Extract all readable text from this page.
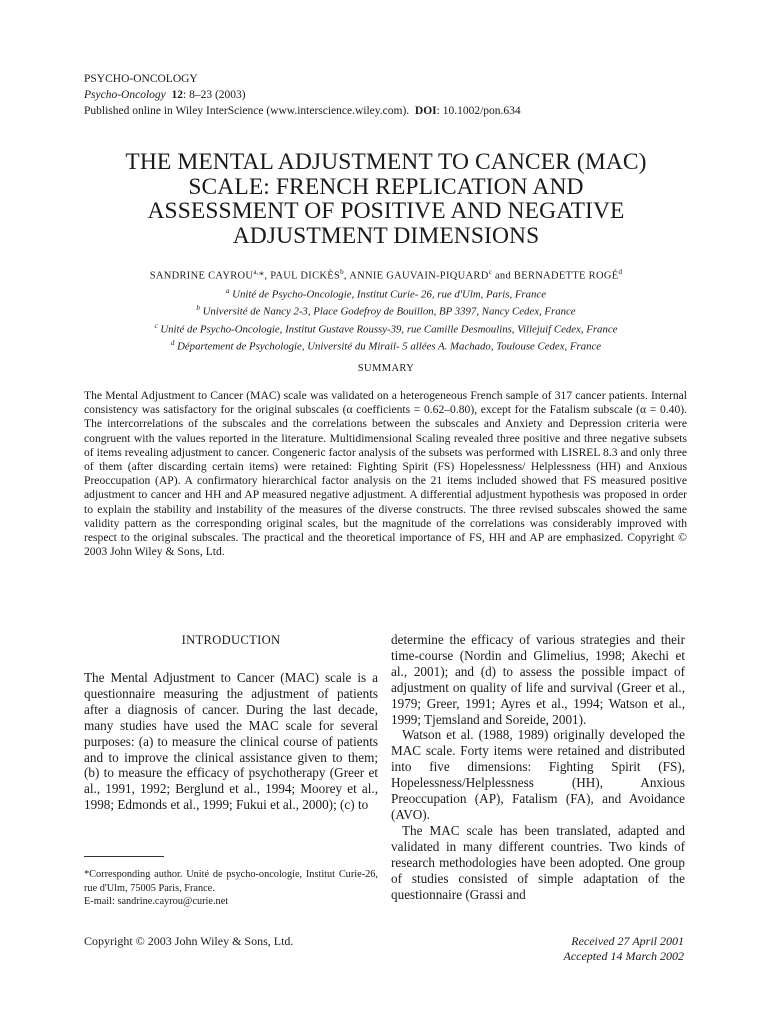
PSYCHO-ONCOLOGY
Psycho-Oncology 12: 8–23 (2003)
Published online in Wiley InterScience (www.interscience.wiley.com). DOI: 10.1002/pon.634
THE MENTAL ADJUSTMENT TO CANCER (MAC)
SCALE: FRENCH REPLICATION AND
ASSESSMENT OF POSITIVE AND NEGATIVE
ADJUSTMENT DIMENSIONS
SANDRINE $CAYROU^{a,}*$, PAUL DICKÈS$^b$, ANNIE GAUVAIN-PIQUARD$^c$ and BERNADETTE ROGÉ$^d$
$^a$ Unité de Psycho-Oncologie, Institut Curie- 26, rue d'Ulm, Paris, France
$^b$ Université de Nancy 2-3, Place Godefroy de Bouillon, BP 3397, Nancy Cedex, France
$^c$ Unité de Psycho-Oncologie, Institut Gustave Roussy-39, rue Camille Desmoulins, Villejuif Cedex, France
$^d$ Département de Psychologie, Université du Mirail- 5 allées A. Machado, Toulouse Cedex, France
SUMMARY
The Mental Adjustment to Cancer (MAC) scale was validated on a heterogeneous French sample of 317 cancer patients. Internal consistency was satisfactory for the original subscales (α coefficients = 0.62–0.80), except for the Fatalism subscale (α = 0.40). The intercorrelations of the subscales and the correlations between the subscales and Anxiety and Depression criteria were congruent with the values reported in the literature. Multidimensional Scaling revealed three positive and three negative subsets of items revealing adjustment to cancer. Congeneric factor analysis of the subsets was performed with LISREL 8.3 and only three of them (after discarding certain items) were retained: Fighting Spirit (FS) Hopelessness/ Helplessness (HH) and Anxious Preoccupation (AP). A confirmatory hierarchical factor analysis on the 21 items included showed that FS measured positive adjustment to cancer and HH and AP measured negative adjustment. A differential adjustment hypothesis was proposed in order to explain the stability and instability of the measures of the diverse constructs. The three revised subscales showed the same validity pattern as the corresponding original scales, but the magnitude of the correlations was considerably improved with respect to the original subscales. The practical and the theoretical importance of FS, HH and AP are emphasized. Copyright © 2003 John Wiley & Sons, Ltd.
INTRODUCTION

The Mental Adjustment to Cancer (MAC) scale is a questionnaire measuring the adjustment of patients after a diagnosis of cancer. During the last decade, many studies have used the MAC scale for several purposes: (a) to measure the clinical course of patients and to improve the clinical assistance given to them; (b) to measure the efficacy of psychotherapy (Greer et al., 1991, 1992; Berglund et al., 1994; Moorey et al., 1998; Edmonds et al., 1999; Fukui et al., 2000); (c) to

determine the efficacy of various strategies and their time-course (Nordin and Glimelius, 1998; Akechi et al., 2001); and (d) to assess the possible impact of adjustment on quality of life and survival (Greer et al., 1979; Greer, 1991; Ayres et al., 1994; Watson et al., 1999; Tjemsland and Soreide, 2001).

Watson et al. (1988, 1989) originally developed the MAC scale. Forty items were retained and distributed into five dimensions: Fighting Spirit (FS), Hopelessness/Helplessness (HH), Anxious Preoccupation (AP), Fatalism (FA), and Avoidance (AVO).

The MAC scale has been translated, adapted and validated in many different countries. Two kinds of research methodologies have been adopted. One group of studies consisted of simple adaptation of the questionnaire (Grassi and

*Corresponding author. Unité de psycho-oncologie, Institut Curie-26, rue d'Ulm, 75005 Paris, France.

E-mail: sandrine.cayrou@curie.net

Copyright © 2003 John Wiley & Sons, Ltd.	Received 27 April 2001
Accepted 14 March 2002
